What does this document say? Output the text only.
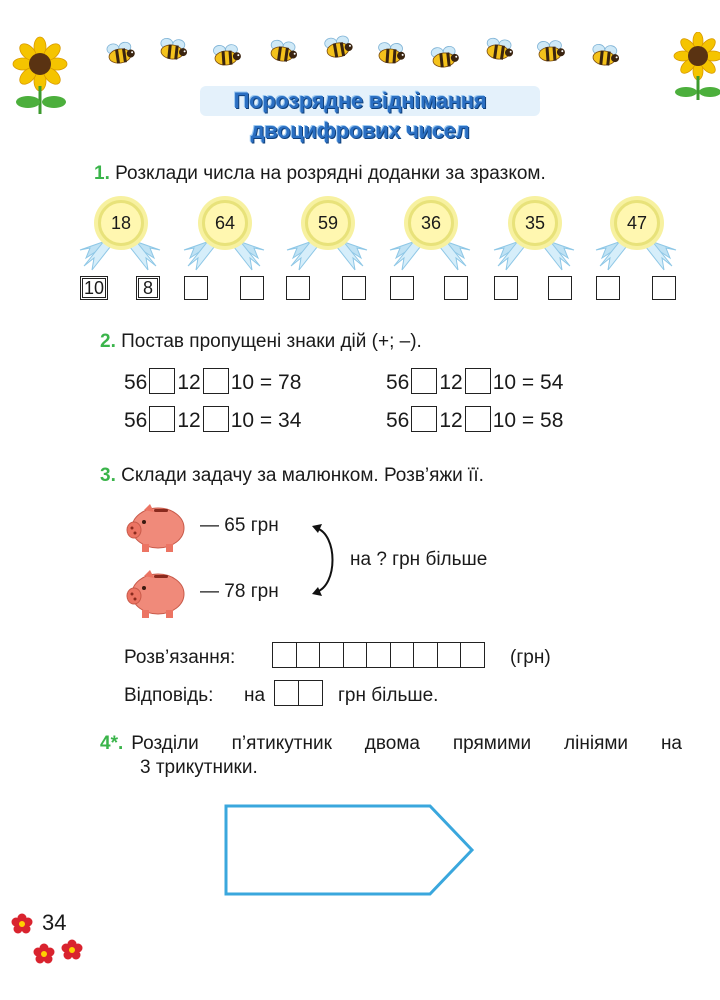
Порозрядне віднімання
двоцифрових чисел
1. Розклади числа на розрядні доданки за зразком.
18	64	59	36	35	47
10	8
2. Постав пропущені знаки дій (+; –).
56 12 10 = 78	56 12 10 = 54
56 12 10 = 34	56 12 10 = 58
3. Склади задачу за малюнком. Розв’яжи її.
— 65 грн
— 78 грн
на ? грн більше
Розв’язання:	(грн)
Відповідь: на	грн більше.
4*. Розділи п’ятикутник двома прямими лініями на
3 трикутники.
34
